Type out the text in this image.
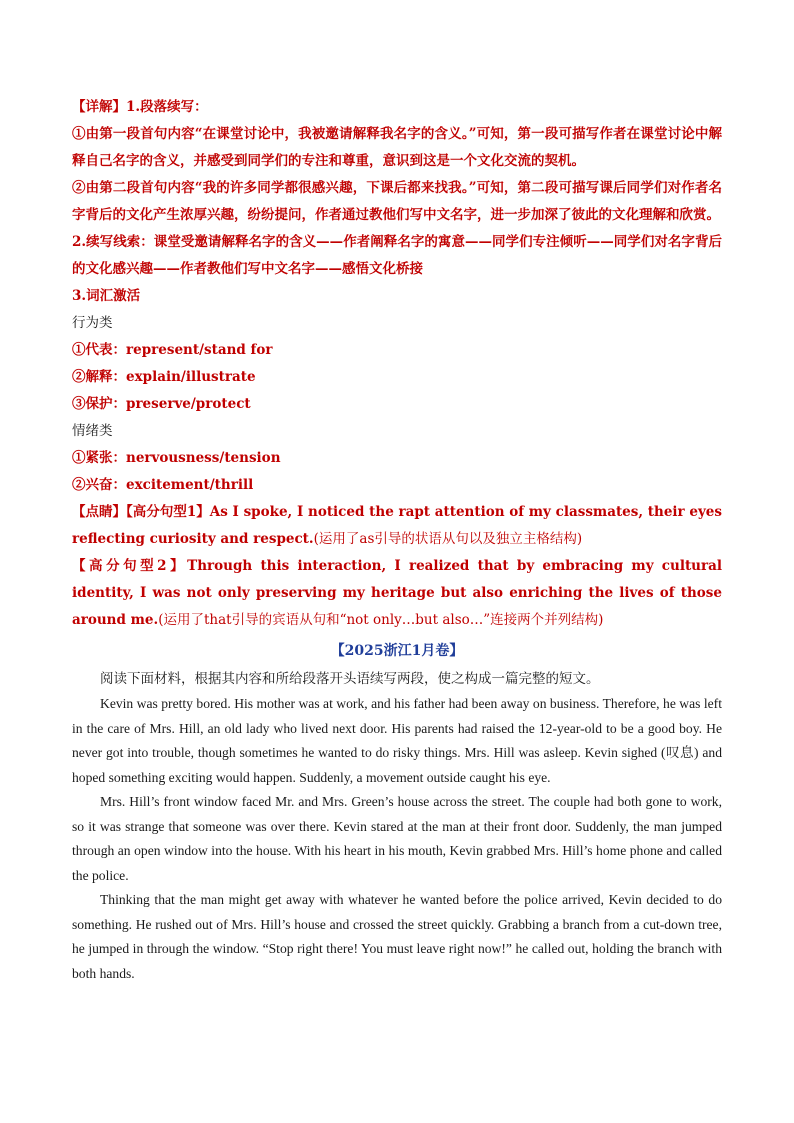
【详解】1.段落续写：

①由第一段首句内容“在课堂讨论中，我被邀请解释我名字的含义。”可知，第一段可描写作者在课堂讨论中解释自己名字的含义，并感受到同学们的专注和尊重，意识到这是一个文化交流的契机。

②由第二段首句内容“我的许多同学都很感兴趣，下课后都来找我。”可知，第二段可描写课后同学们对作者名字背后的文化产生浓厚兴趣，纷纷提问，作者通过教他们写中文名字，进一步加深了彼此的文化理解和欣赏。

2.续写线索：课堂受邀请解释名字的含义——作者阐释名字的寓意——同学们专注倾听——同学们对名字背后的文化感兴趣——作者教他们写中文名字——感悟文化桥接

3.词汇激活

行为类

①代表：represent/stand for

②解释：explain/illustrate

③保护：preserve/protect

情绪类

①紧张：nervousness/tension

②兴奋：excitement/thrill

【点睛】【高分句型1】As I spoke, I noticed the rapt attention of my classmates, their eyes reflecting curiosity and respect.(运用了as引导的状语从句以及独立主格结构)

【高分句型2】Through this interaction, I realized that by embracing my cultural identity, I was not only preserving my heritage but also enriching the lives of those around me.(运用了that引导的宾语从句和“not only…but also…”连接两个并列结构)

【2025浙江1月卷】

阅读下面材料，根据其内容和所给段落开头语续写两段，使之构成一篇完整的短文。

Kevin was pretty bored. His mother was at work, and his father had been away on business. Therefore, he was left in the care of Mrs. Hill, an old lady who lived next door. His parents had raised the 12-year-old to be a good boy. He never got into trouble, though sometimes he wanted to do risky things. Mrs. Hill was asleep. Kevin sighed (叹息) and hoped something exciting would happen. Suddenly, a movement outside caught his eye.

Mrs. Hill’s front window faced Mr. and Mrs. Green’s house across the street. The couple had both gone to work, so it was strange that someone was over there. Kevin stared at the man at their front door. Suddenly, the man jumped through an open window into the house. With his heart in his mouth, Kevin grabbed Mrs. Hill’s home phone and called the police.

Thinking that the man might get away with whatever he wanted before the police arrived, Kevin decided to do something. He rushed out of Mrs. Hill’s house and crossed the street quickly. Grabbing a branch from a cut-down tree, he jumped in through the window. “Stop right there! You must leave right now!” he called out, holding the branch with both hands.
